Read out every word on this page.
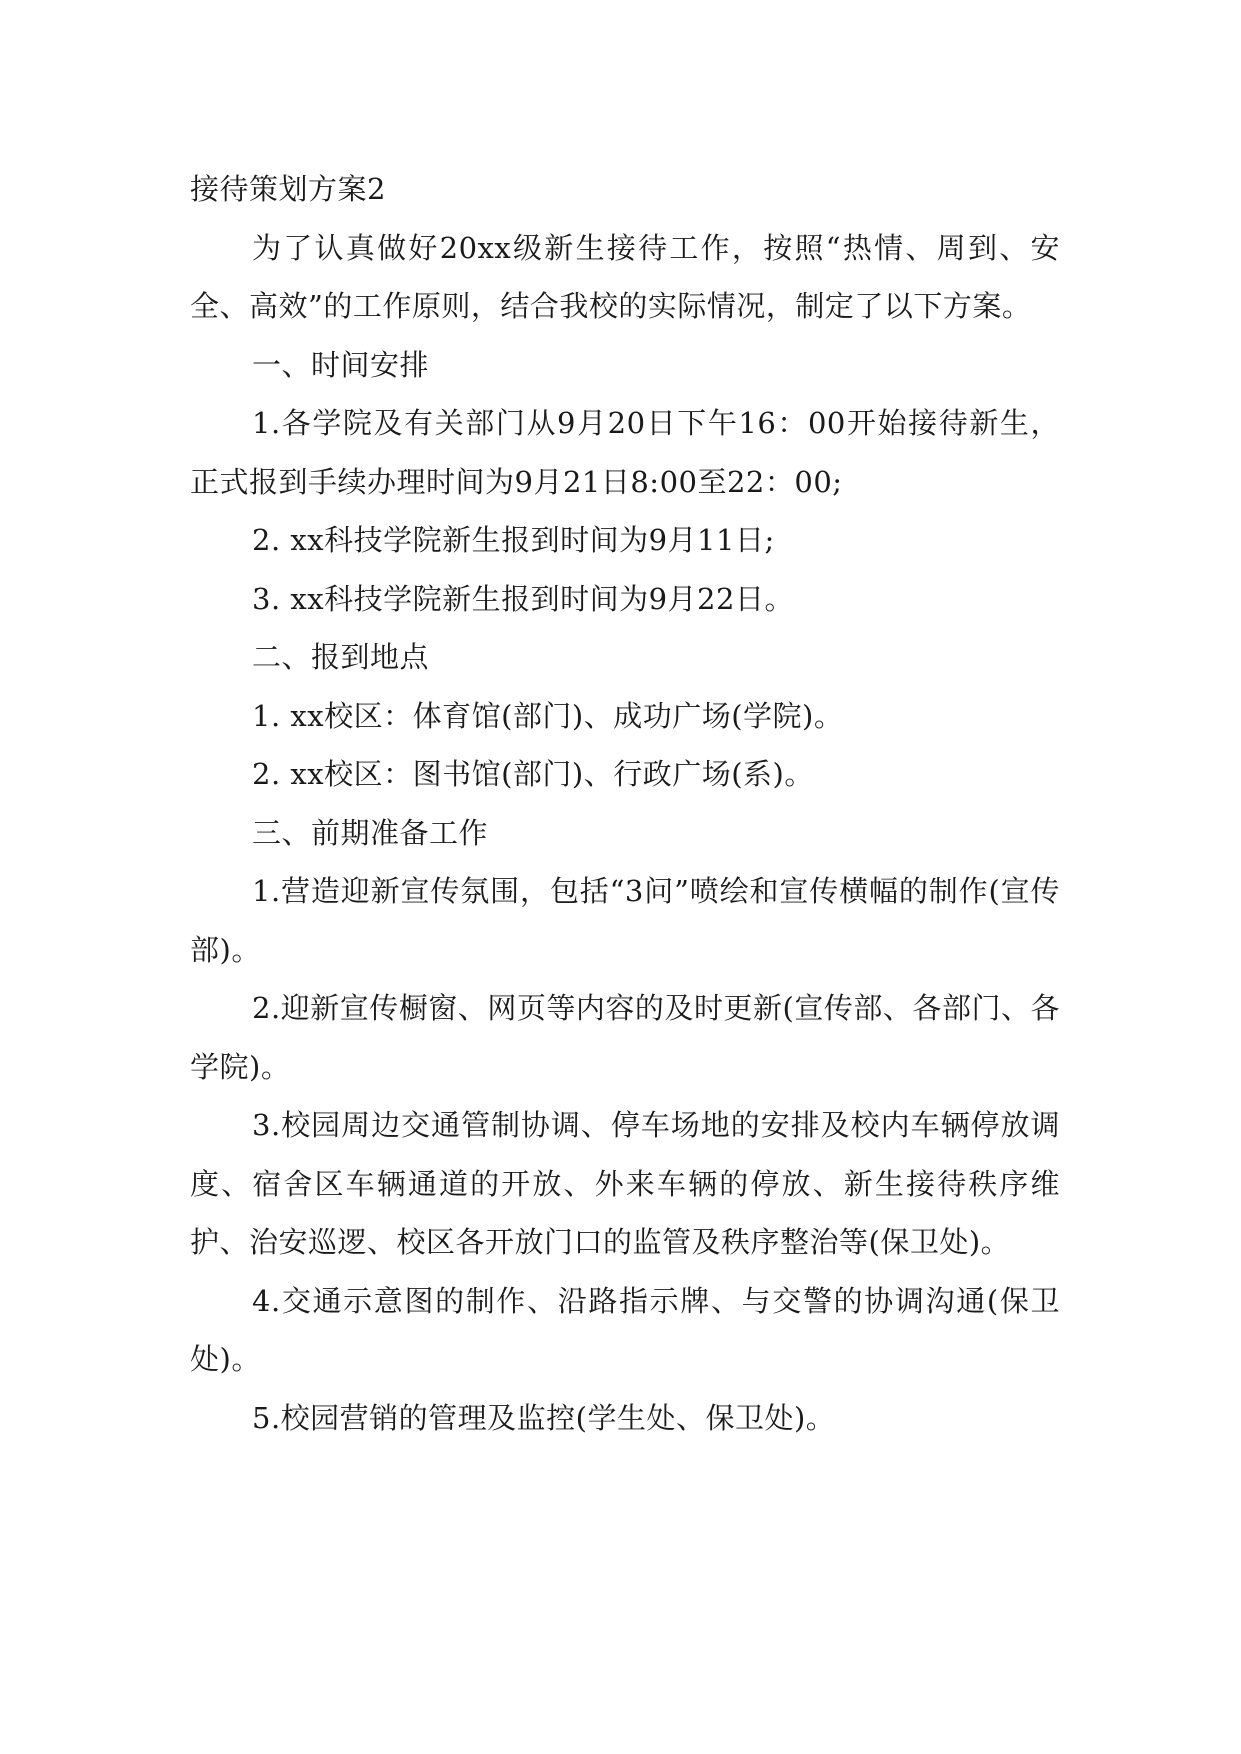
接待策划方案2

为了认真做好20xx级新生接待工作，按照“热情、周到、安全、高效”的工作原则，结合我校的实际情况，制定了以下方案。

一、时间安排

1.各学院及有关部门从9月20日下午16：00开始接待新生，正式报到手续办理时间为9月21日8:00至22：00;

2. xx科技学院新生报到时间为9月11日;

3. xx科技学院新生报到时间为9月22日。

二、报到地点

1. xx校区：体育馆(部门)、成功广场(学院)。

2. xx校区：图书馆(部门)、行政广场(系)。

三、前期准备工作

1.营造迎新宣传氛围，包括“3问”喷绘和宣传横幅的制作(宣传部)。

2.迎新宣传橱窗、网页等内容的及时更新(宣传部、各部门、各学院)。

3.校园周边交通管制协调、停车场地的安排及校内车辆停放调度、宿舍区车辆通道的开放、外来车辆的停放、新生接待秩序维护、治安巡逻、校区各开放门口的监管及秩序整治等(保卫处)。

4.交通示意图的制作、沿路指示牌、与交警的协调沟通(保卫处)。

5.校园营销的管理及监控(学生处、保卫处)。
